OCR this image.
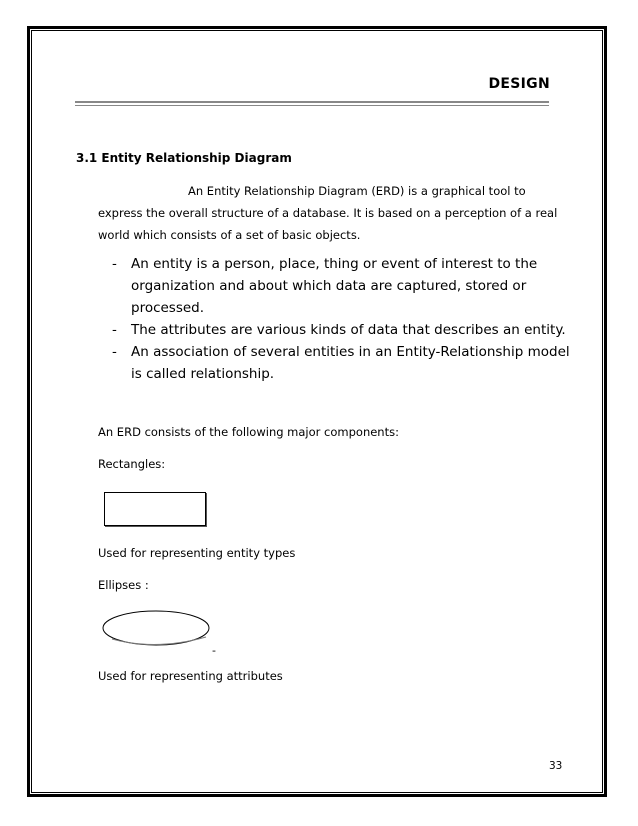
DESIGN
3.1 Entity Relationship Diagram
An Entity Relationship Diagram (ERD) is a graphical tool to
express the overall structure of a database. It is based on a perception of a real world which consists of a set of basic objects.
- An entity is a person, place, thing or event of interest to the organization and about which data are captured, stored or processed.
- The attributes are various kinds of data that describes an entity.
- An association of several entities in an Entity-Relationship model is called relationship.
An ERD consists of the following major components:
Rectangles:
Used for representing entity types
Ellipses :
-
Used for representing attributes
33
